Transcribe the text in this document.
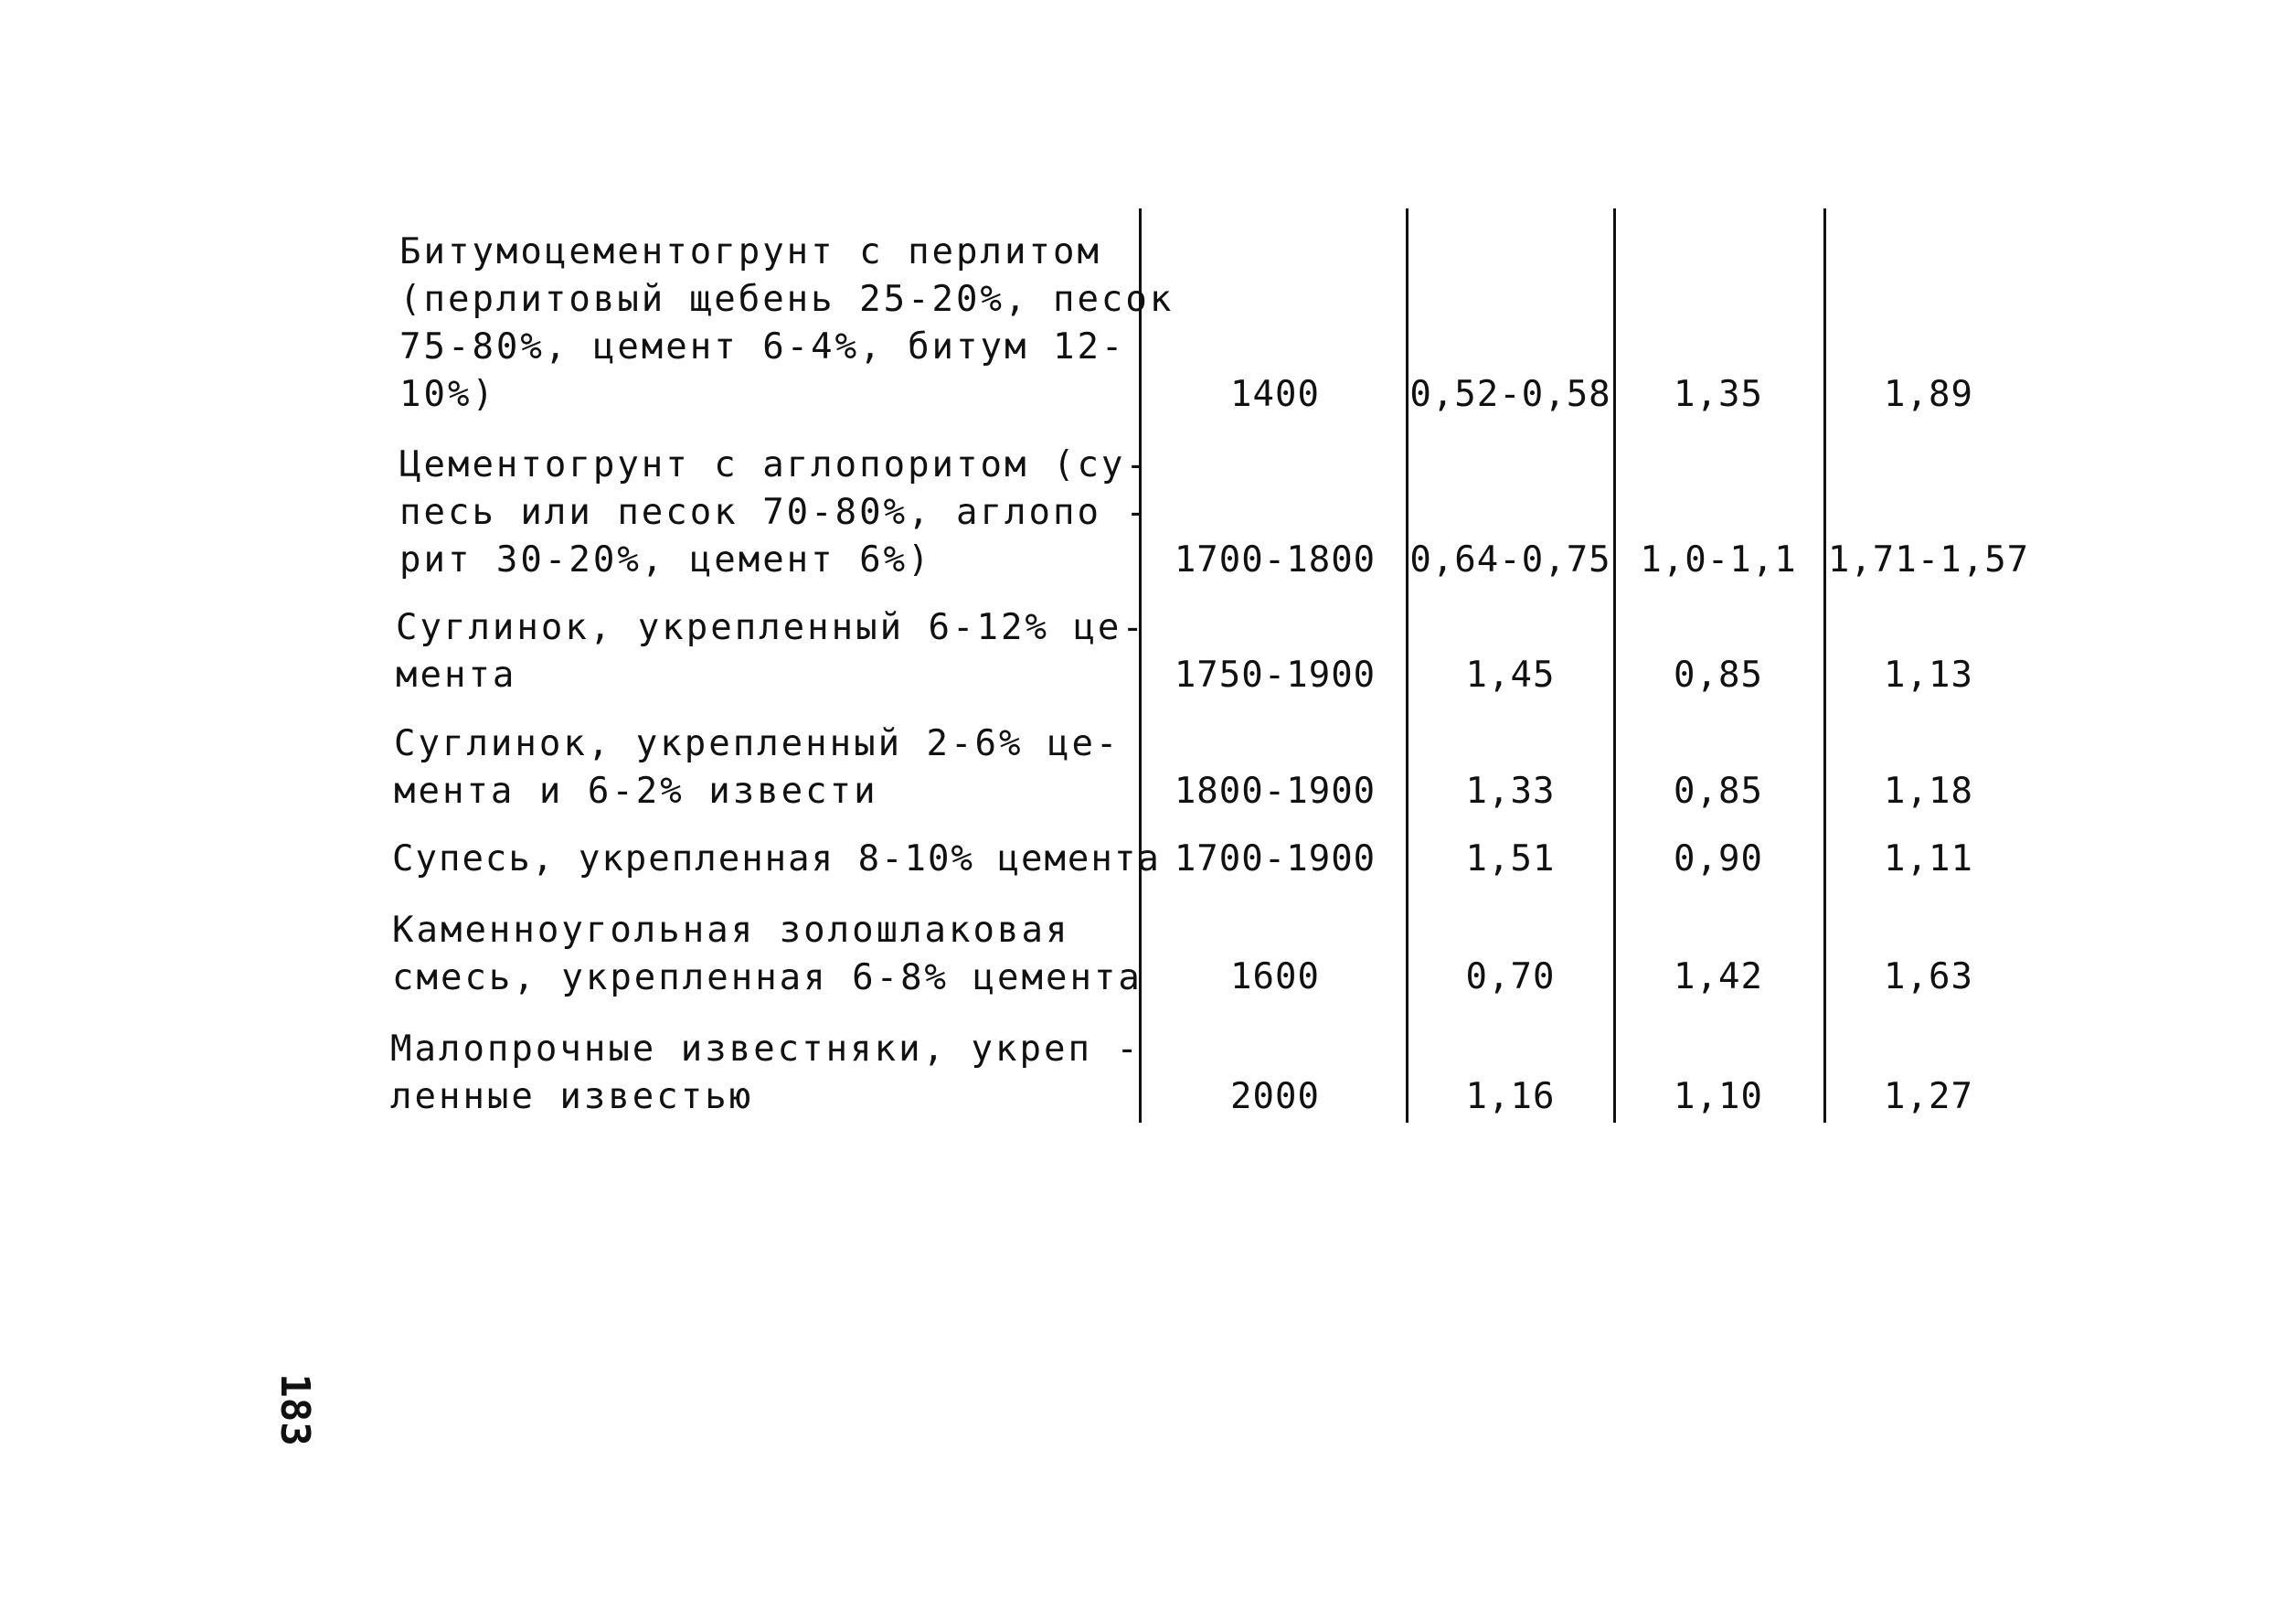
Битумоцементогрунт с перлитом
(перлитовый щебень 25-20%, песок
75-80%, цемент 6-4%, битум 12-
10%)	1400	0,52-0,58	1,35	1,89
Цементогрунт с аглопоритом (су-
песь или песок 70-80%, аглопо -
рит 30-20%, цемент 6%)	1700-1800 0,64-0,75 1,0-1,1 1,71-1,57
Суглинок, укрепленный 6-12% це-
мента	1750-1900	1,45	0,85	1,13
Суглинок, укрепленный 2-6% це-
мента и 6-2% извести	1800-1900	1,33	0,85	1,18
Супесь, укрепленная 8-10% цемента 1700-1900	1,51	0,90	1,11
Каменноугольная золошлаковая
смесь, укрепленная 6-8% цемента	1600	0,70	1,42	1,63
Малопрочные известняки, укреп -
ленные известью	2000	1,16	1,10	1,27
183
